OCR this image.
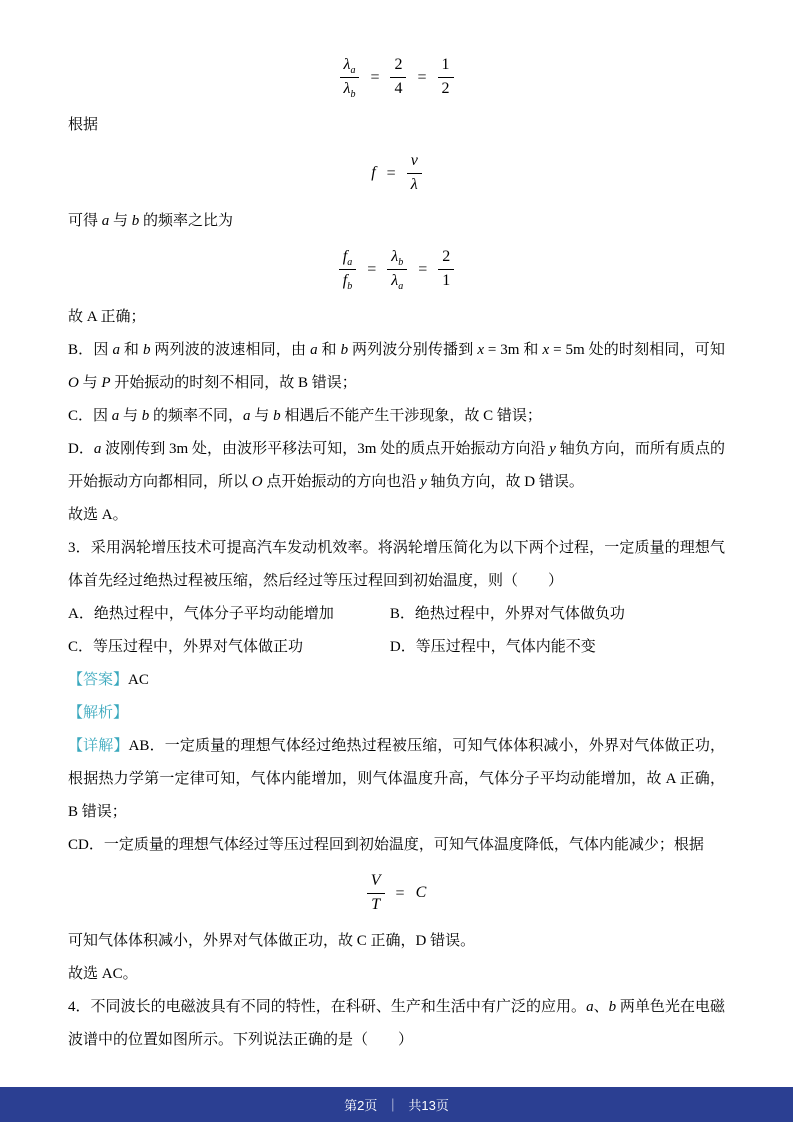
$\frac{\lambda_a}{\lambda_b} = \frac{2}{4} = \frac{1}{2}$

根据

$f = \frac{v}{\lambda}$

可得 a 与 b 的频率之比为

$\frac{f_a}{f_b} = \frac{\lambda_b}{\lambda_a} = \frac{2}{1}$

故 A 正确；

B．因 a 和 b 两列波的波速相同，由 a 和 b 两列波分别传播到 x = 3m 和 x = 5m 处的时刻相同，可知 O 与 P 开始振动的时刻不相同，故 B 错误；

C．因 a 与 b 的频率不同，a 与 b 相遇后不能产生干涉现象，故 C 错误；

D．a 波刚传到 3m 处，由波形平移法可知，3m 处的质点开始振动方向沿 y 轴负方向，而所有质点的开始振动方向都相同，所以 O 点开始振动的方向也沿 y 轴负方向，故 D 错误。

故选 A。

3．采用涡轮增压技术可提高汽车发动机效率。将涡轮增压简化为以下两个过程，一定质量的理想气体首先经过绝热过程被压缩，然后经过等压过程回到初始温度，则（　　）

A．绝热过程中，气体分子平均动能增加	B．绝热过程中，外界对气体做负功
C．等压过程中，外界对气体做正功	D．等压过程中，气体内能不变

【答案】AC

【解析】

【详解】AB．一定质量的理想气体经过绝热过程被压缩，可知气体体积减小，外界对气体做正功，根据热力学第一定律可知，气体内能增加，则气体温度升高，气体分子平均动能增加，故 A 正确，B 错误；

CD．一定质量的理想气体经过等压过程回到初始温度，可知气体温度降低，气体内能减少；根据

$\frac{V}{T} = C$

可知气体体积减小，外界对气体做正功，故 C 正确，D 错误。

故选 AC。

4．不同波长的电磁波具有不同的特性，在科研、生产和生活中有广泛的应用。a、b 两单色光在电磁波谱中的位置如图所示。下列说法正确的是（　　）

第2页 ｜ 共13页
